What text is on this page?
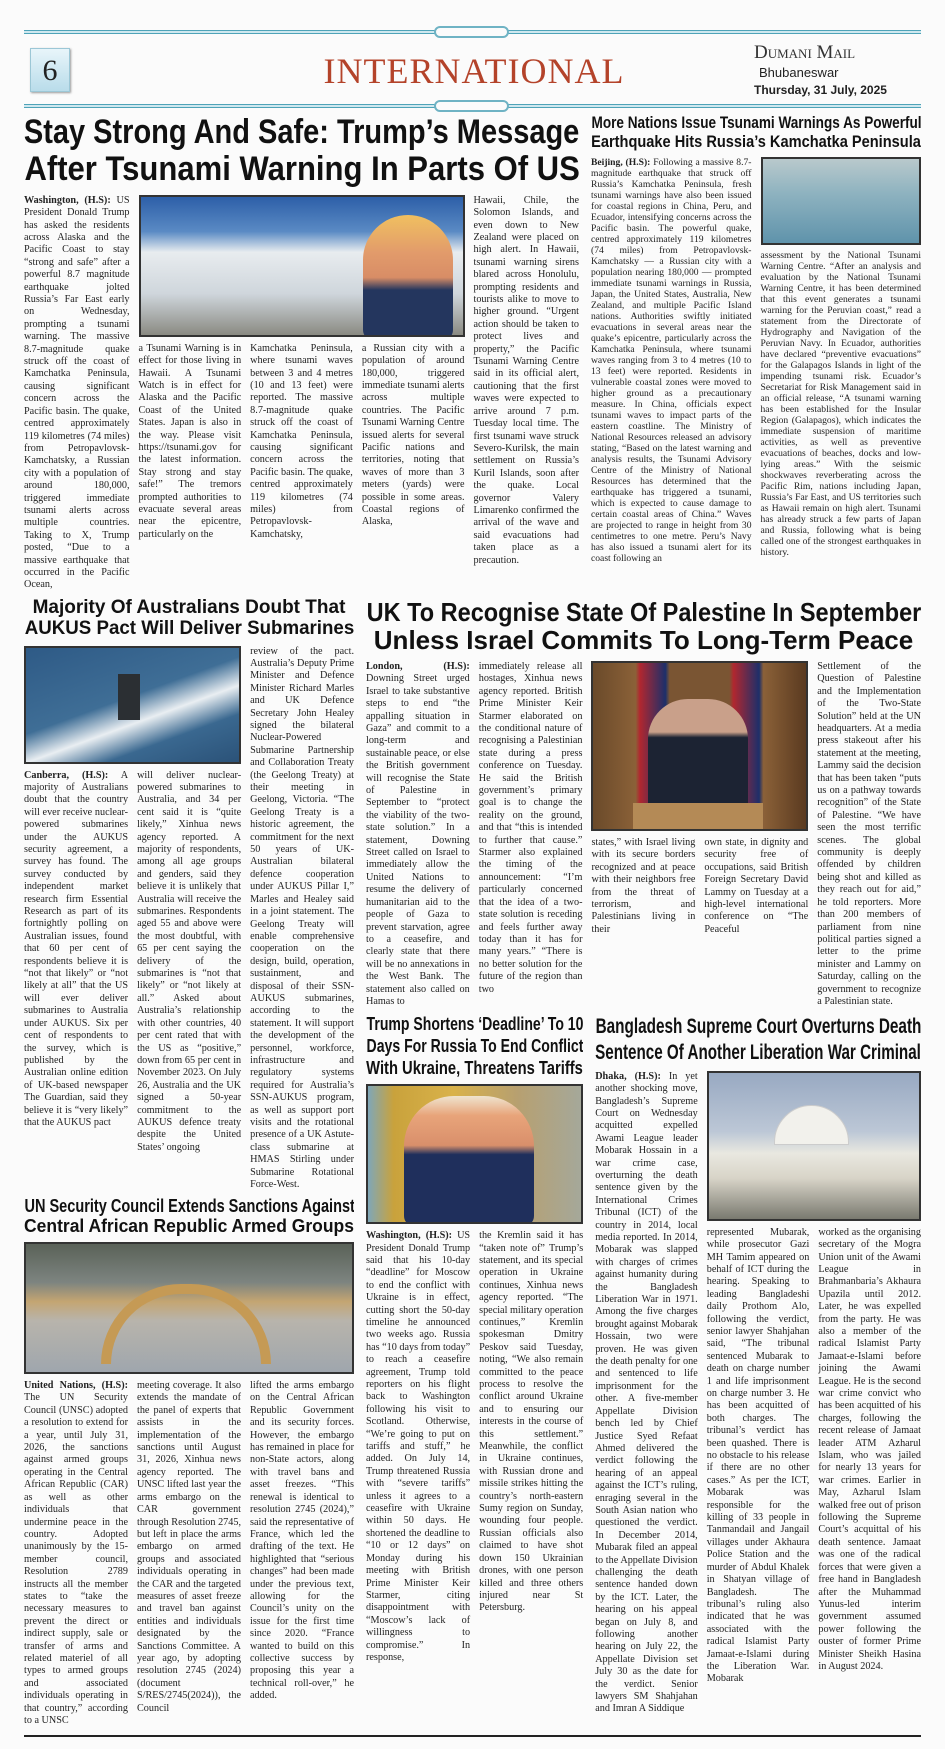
6	INTERNATIONAL	Dumani Mail
Bhubaneswar
Thursday, 31 July, 2025
Stay Strong And Safe: Trump’s Message
After Tsunami Warning In Parts Of US
Washington, (H.S): US President Donald Trump has asked the residents across Alaska and the Pacific Coast to stay “strong and safe” after a powerful 8.7 magnitude earthquake jolted Russia’s Far East early on Wednesday, prompting a tsunami warning. The massive 8.7-magnitude quake struck off the coast of Kamchatka Peninsula, causing significant concern across the Pacific basin. The quake, centred approximately 119 kilometres (74 miles) from Petropavlovsk-Kamchatsky, a Russian city with a population of around 180,000, triggered immediate tsunami alerts across multiple countries. Taking to X, Trump posted, “Due to a massive earthquake that occurred in the Pacific Ocean,
a Tsunami Warning is in effect for those living in Hawaii. A Tsunami Watch is in effect for Alaska and the Pacific Coast of the United States. Japan is also in the way. Please visit https://tsunami.gov for the latest information. Stay strong and stay safe!” The tremors prompted authorities to evacuate several areas near the epicentre, particularly on the
Kamchatka Peninsula, where tsunami waves between 3 and 4 metres (10 and 13 feet) were reported. The massive 8.7-magnitude quake struck off the coast of Kamchatka Peninsula, causing significant concern across the Pacific basin. The quake, centred approximately 119 kilometres (74 miles) from Petropavlovsk-Kamchatsky,
a Russian city with a population of around 180,000, triggered immediate tsunami alerts across multiple countries. The Pacific Tsunami Warning Centre issued alerts for several Pacific nations and territories, noting that waves of more than 3 meters (yards) were possible in some areas. Coastal regions of Alaska,
Hawaii, Chile, the Solomon Islands, and even down to New Zealand were placed on high alert. In Hawaii, tsunami warning sirens blared across Honolulu, prompting residents and tourists alike to move to higher ground. “Urgent action should be taken to protect lives and property,” the Pacific Tsunami Warning Centre said in its official alert, cautioning that the first waves were expected to arrive around 7 p.m. Tuesday local time. The first tsunami wave struck Severo-Kurilsk, the main settlement on Russia’s Kuril Islands, soon after the quake. Local governor Valery Limarenko confirmed the arrival of the wave and said evacuations had taken place as a precaution.
More Nations Issue Tsunami Warnings As Powerful
Earthquake Hits Russia’s Kamchatka Peninsula
Beijing, (H.S): Following a massive 8.7-magnitude earthquake that struck off Russia’s Kamchatka Peninsula, fresh tsunami warnings have also been issued for coastal regions in China, Peru, and Ecuador, intensifying concerns across the Pacific basin. The powerful quake, centred approximately 119 kilometres (74 miles) from Petropavlovsk-Kamchatsky — a Russian city with a population nearing 180,000 — prompted immediate tsunami warnings in Russia, Japan, the United States, Australia, New Zealand, and multiple Pacific Island nations. Authorities swiftly initiated evacuations in several areas near the quake’s epicentre, particularly across the Kamchatka Peninsula, where tsunami waves ranging from 3 to 4 metres (10 to 13 feet) were reported. Residents in vulnerable coastal zones were moved to higher ground as a precautionary measure. In China, officials expect tsunami waves to impact parts of the eastern coastline. The Ministry of National Resources released an advisory stating, “Based on the latest warning and analysis results, the Tsunami Advisory Centre of the Ministry of National Resources has determined that the earthquake has triggered a tsunami, which is expected to cause damage to certain coastal areas of China.” Waves are projected to range in height from 30 centimetres to one metre. Peru’s Navy has also issued a tsunami alert for its coast following an
assessment by the National Tsunami Warning Centre. “After an analysis and evaluation by the National Tsunami Warning Centre, it has been determined that this event generates a tsunami warning for the Peruvian coast,” read a statement from the Directorate of Hydrography and Navigation of the Peruvian Navy. In Ecuador, authorities have declared “preventive evacuations” for the Galapagos Islands in light of the impending tsunami risk. Ecuador’s Secretariat for Risk Management said in an official release, “A tsunami warning has been established for the Insular Region (Galapagos), which indicates the immediate suspension of maritime activities, as well as preventive evacuations of beaches, docks and low-lying areas.” With the seismic shockwaves reverberating across the Pacific Rim, nations including Japan, Russia’s Far East, and US territories such as Hawaii remain on high alert. Tsunami has already struck a few parts of Japan and Russia, following what is being called one of the strongest earthquakes in history.
Majority Of Australians Doubt That
AUKUS Pact Will Deliver Submarines
Canberra, (H.S): A majority of Australians doubt that the country will ever receive nuclear-powered submarines under the AUKUS security agreement, a survey has found. The survey conducted by independent market research firm Essential Research as part of its fortnightly polling on Australian issues, found that 60 per cent of respondents believe it is “not that likely” or “not likely at all” that the US will ever deliver submarines to Australia under AUKUS. Six per cent of respondents to the survey, which is published by the Australian online edition of UK-based newspaper The Guardian, said they believe it is “very likely” that the AUKUS pact
will deliver nuclear-powered submarines to Australia, and 34 per cent said it is “quite likely,” Xinhua news agency reported. A majority of respondents, among all age groups and genders, said they believe it is unlikely that Australia will receive the submarines. Respondents aged 55 and above were the most doubtful, with 65 per cent saying the delivery of the submarines is “not that likely” or “not likely at all.” Asked about Australia’s relationship with other countries, 40 per cent rated that with the US as “positive,” down from 65 per cent in November 2023. On July 26, Australia and the UK signed a 50-year commitment to the AUKUS defence treaty despite the United States’ ongoing
review of the pact. Australia’s Deputy Prime Minister and Defence Minister Richard Marles and UK Defence Secretary John Healey signed the bilateral Nuclear-Powered Submarine Partnership and Collaboration Treaty (the Geelong Treaty) at their meeting in Geelong, Victoria. “The Geelong Treaty is a historic agreement, the commitment for the next 50 years of UK-Australian bilateral defence cooperation under AUKUS Pillar I,” Marles and Healey said in a joint statement. The Geelong Treaty will enable comprehensive cooperation on the design, build, operation, sustainment, and disposal of their SSN-AUKUS submarines, according to the statement. It will support the development of the personnel, workforce, infrastructure and regulatory systems required for Australia’s SSN-AUKUS program, as well as support port visits and the rotational presence of a UK Astute-class submarine at HMAS Stirling under Submarine Rotational Force-West.
UN Security Council Extends Sanctions Against
Central African Republic Armed Groups
United Nations, (H.S): The UN Security Council (UNSC) adopted a resolution to extend for a year, until July 31, 2026, the sanctions against armed groups operating in the Central African Republic (CAR) as well as other individuals that undermine peace in the country. Adopted unanimously by the 15-member council, Resolution 2789 instructs all the member states to “take the necessary measures to prevent the direct or indirect supply, sale or transfer of arms and related materiel of all types to armed groups and associated individuals operating in that country,” according to a UNSC
meeting coverage. It also extends the mandate of the panel of experts that assists in the implementation of the sanctions until August 31, 2026, Xinhua news agency reported. The UNSC lifted last year the arms embargo on the CAR government through Resolution 2745, but left in place the arms embargo on armed groups and associated individuals operating in the CAR and the targeted measures of asset freeze and travel ban against entities and individuals designated by the Sanctions Committee. A year ago, by adopting resolution 2745 (2024) (document S/RES/2745(2024)), the Council
lifted the arms embargo on the Central African Republic Government and its security forces. However, the embargo has remained in place for non-State actors, along with travel bans and asset freezes. “This renewal is identical to resolution 2745 (2024),” said the representative of France, which led the drafting of the text. He highlighted that “serious changes” had been made under the previous text, allowing for the Council’s unity on the issue for the first time since 2020. “France wanted to build on this collective success by proposing this year a technical roll-over,” he added.
UK To Recognise State Of Palestine In September
Unless Israel Commits To Long-Term Peace
London, (H.S): Downing Street urged Israel to take substantive steps to end “the appalling situation in Gaza” and commit to a long-term and sustainable peace, or else the British government will recognise the State of Palestine in September to “protect the viability of the two-state solution.” In a statement, Downing Street called on Israel to immediately allow the United Nations to resume the delivery of humanitarian aid to the people of Gaza to prevent starvation, agree to a ceasefire, and clearly state that there will be no annexations in the West Bank. The statement also called on Hamas to
immediately release all hostages, Xinhua news agency reported. British Prime Minister Keir Starmer elaborated on the conditional nature of recognising a Palestinian state during a press conference on Tuesday. He said the British government’s primary goal is to change the reality on the ground, and that “this is intended to further that cause.” Starmer also explained the timing of the announcement: “I’m particularly concerned that the idea of a two-state solution is receding and feels further away today than it has for many years.” “There is no better solution for the future of the region than two
states,” with Israel living with its secure borders recognized and at peace with their neighbors free from the threat of terrorism, and Palestinians living in their
own state, in dignity and security free of occupations, said British Foreign Secretary David Lammy on Tuesday at a high-level international conference on “The Peaceful
Settlement of the Question of Palestine and the Implementation of the Two-State Solution” held at the UN headquarters. At a media press stakeout after his statement at the meeting, Lammy said the decision that has been taken “puts us on a pathway towards recognition” of the State of Palestine. “We have seen the most terrific scenes. The global community is deeply offended by children being shot and killed as they reach out for aid,” he told reporters. More than 200 members of parliament from nine political parties signed a letter to the prime minister and Lammy on Saturday, calling on the government to recognize a Palestinian state.
Trump Shortens ‘Deadline’ To 10
Days For Russia To End Conflict
With Ukraine, Threatens Tariffs
Washington, (H.S): US President Donald Trump said that his 10-day “deadline” for Moscow to end the conflict with Ukraine is in effect, cutting short the 50-day timeline he announced two weeks ago. Russia has “10 days from today” to reach a ceasefire agreement, Trump told reporters on his flight back to Washington following his visit to Scotland. Otherwise, “We’re going to put on tariffs and stuff,” he added. On July 14, Trump threatened Russia with “severe tariffs” unless it agrees to a ceasefire with Ukraine within 50 days. He shortened the deadline to “10 or 12 days” on Monday during his meeting with British Prime Minister Keir Starmer, citing disappointment with “Moscow’s lack of willingness to compromise.” In response,
the Kremlin said it has “taken note of” Trump’s statement, and its special operation in Ukraine continues, Xinhua news agency reported. “The special military operation continues,” Kremlin spokesman Dmitry Peskov said Tuesday, noting, “We also remain committed to the peace process to resolve the conflict around Ukraine and to ensuring our interests in the course of this settlement.” Meanwhile, the conflict in Ukraine continues, with Russian drone and missile strikes hitting the country’s north-eastern Sumy region on Sunday, wounding four people. Russian officials also claimed to have shot down 150 Ukrainian drones, with one person killed and three others injured near St Petersburg.
Bangladesh Supreme Court Overturns Death
Sentence Of Another Liberation War Criminal
Dhaka, (H.S): In yet another shocking move, Bangladesh’s Supreme Court on Wednesday acquitted expelled Awami League leader Mobarak Hossain in a war crime case, overturning the death sentence given by the International Crimes Tribunal (ICT) of the country in 2014, local media reported. In 2014, Mobarak was slapped with charges of crimes against humanity during the Bangladesh Liberation War in 1971. Among the five charges brought against Mobarak Hossain, two were proven. He was given the death penalty for one and sentenced to life imprisonment for the other. A five-member Appellate Division bench led by Chief Justice Syed Refaat Ahmed delivered the verdict following the hearing of an appeal against the ICT’s ruling, enraging several in the South Asian nation who questioned the verdict. In December 2014, Mubarak filed an appeal to the Appellate Division challenging the death sentence handed down by the ICT. Later, the hearing on his appeal began on July 8, and following another hearing on July 22, the Appellate Division set July 30 as the date for the verdict. Senior lawyers SM Shahjahan and Imran A Siddique
represented Mubarak, while prosecutor Gazi MH Tamim appeared on behalf of ICT during the hearing. Speaking to leading Bangladeshi daily Prothom Alo, following the verdict, senior lawyer Shahjahan said, “The tribunal sentenced Mubarak to death on charge number 1 and life imprisonment on charge number 3. He has been acquitted of both charges. The tribunal’s verdict has been quashed. There is no obstacle to his release if there are no other cases.” As per the ICT, Mobarak was responsible for the killing of 33 people in Tanmandail and Jangail villages under Akhaura Police Station and the murder of Abdul Khalek in Shatyan village of Bangladesh. The tribunal’s ruling also indicated that he was associated with the radical Islamist Party Jamaat-e-Islami during the Liberation War. Mobarak
worked as the organising secretary of the Mogra Union unit of the Awami League in Brahmanbaria’s Akhaura Upazila until 2012. Later, he was expelled from the party. He was also a member of the radical Islamist Party Jamaat-e-Islami before joining the Awami League. He is the second war crime convict who has been acquitted of his charges, following the recent release of Jamaat leader ATM Azharul Islam, who was jailed for nearly 13 years for war crimes. Earlier in May, Azharul Islam walked free out of prison following the Supreme Court’s acquittal of his death sentence. Jamaat was one of the radical forces that were given a free hand in Bangladesh after the Muhammad Yunus-led interim government assumed power following the ouster of former Prime Minister Sheikh Hasina in August 2024.
